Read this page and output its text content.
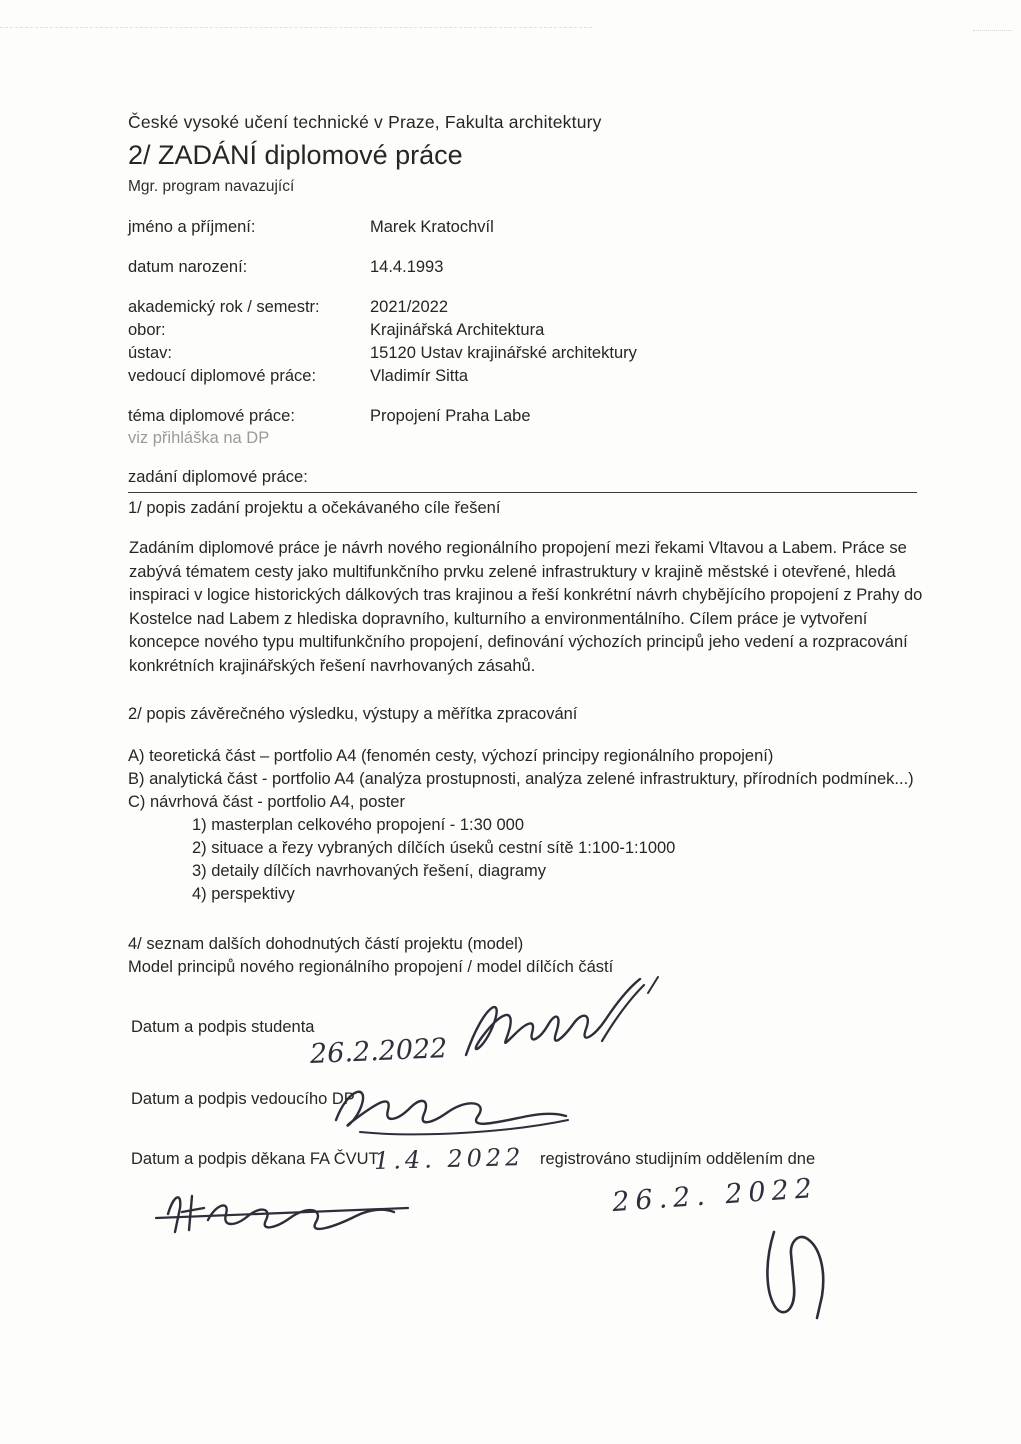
České vysoké učení technické v Praze, Fakulta architektury
2/ ZADÁNÍ diplomové práce
Mgr. program navazující
jméno a příjmení:	Marek Kratochvíl
datum narození:	14.4.1993
akademický rok / semestr:	2021/2022
obor:	Krajinářská Architektura
ústav:	15120 Ustav krajinářské architektury
vedoucí diplomové práce:	Vladimír Sitta
téma diplomové práce:	Propojení Praha Labe
viz přihláška na DP
zadání diplomové práce:
1/ popis zadání projektu a očekávaného cíle řešení
Zadáním diplomové práce je návrh nového regionálního propojení mezi řekami Vltavou a Labem. Práce se zabývá tématem cesty jako multifunkčního prvku zelené infrastruktury v krajině městské i otevřené, hledá inspiraci v logice historických dálkových tras krajinou a řeší konkrétní návrh chybějícího propojení z Prahy do Kostelce nad Labem z hlediska dopravního, kulturního a environmentálního. Cílem práce je vytvoření koncepce nového typu multifunkčního propojení, definování výchozích principů jeho vedení a rozpracování konkrétních krajinářských řešení navrhovaných zásahů.
2/ popis závěrečného výsledku, výstupy a měřítka zpracování
A) teoretická část – portfolio A4 (fenomén cesty, výchozí principy regionálního propojení)
B) analytická část - portfolio A4 (analýza prostupnosti, analýza zelené infrastruktury, přírodních podmínek...)
C) návrhová část - portfolio A4, poster
1) masterplan celkového propojení - 1:30 000
2) situace a řezy vybraných dílčích úseků cestní sítě 1:100-1:1000
3) detaily dílčích navrhovaných řešení, diagramy
4) perspektivy
4/ seznam dalších dohodnutých částí projektu (model)
Model principů nového regionálního propojení / model dílčích částí
Datum a podpis studenta
26.2.2022
Datum a podpis vedoucího DP
Datum a podpis děkana FA ČVUT
1.4. 2022 registrováno studijním oddělením dne
26.2. 2022
